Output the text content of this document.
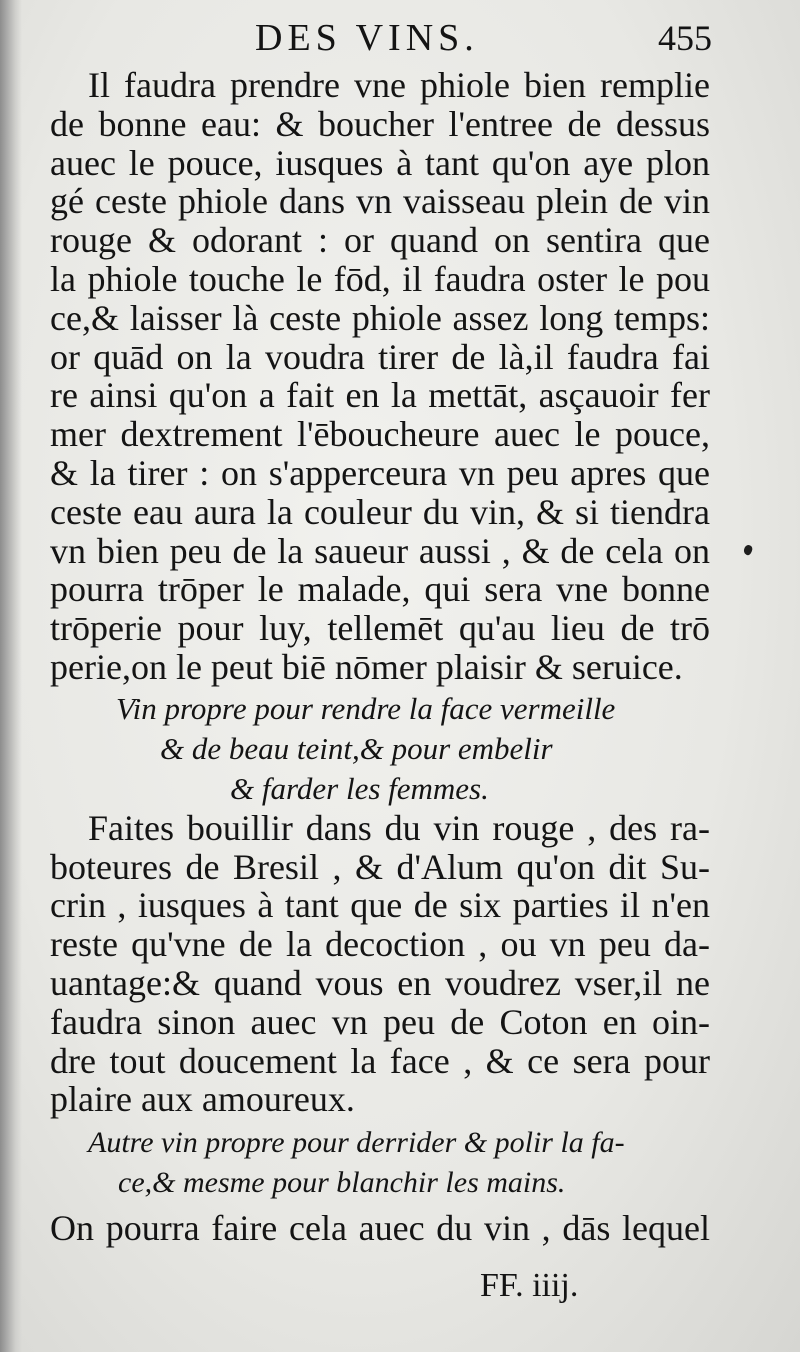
DES VINS.	455
Il faudra prendre vne phiole bien remplie
de bonne eau: & boucher l'entree de dessus
auec le pouce, iusques à tant qu'on aye plon
gé ceste phiole dans vn vaisseau plein de vin
rouge & odorant : or quand on sentira que
la phiole touche le fōd, il faudra oster le pou
ce,& laisser là ceste phiole assez long temps:
or quād on la voudra tirer de là,il faudra fai
re ainsi qu'on a fait en la mettāt, asçauoir fer
mer dextrement l'ēboucheure auec le pouce,
& la tirer : on s'apperceura vn peu apres que
ceste eau aura la couleur du vin, & si tiendra
vn bien peu de la saueur aussi , & de cela on
pourra trōper le malade, qui sera vne bonne
trōperie pour luy, tellemēt qu'au lieu de trō
perie,on le peut biē nōmer plaisir & seruice.
Vin propre pour rendre la face vermeille
& de beau teint,& pour embelir
& farder les femmes.
Faites bouillir dans du vin rouge , des ra-
boteures de Bresil , & d'Alum qu'on dit Su-
crin , iusques à tant que de six parties il n'en
reste qu'vne de la decoction , ou vn peu da-
uantage:& quand vous en voudrez vser,il ne
faudra sinon auec vn peu de Coton en oin-
dre tout doucement la face , & ce sera pour
plaire aux amoureux.
Autre vin propre pour derrider & polir la fa-
ce,& mesme pour blanchir les mains.
On pourra faire cela auec du vin , dās lequel
FF. iiij.
